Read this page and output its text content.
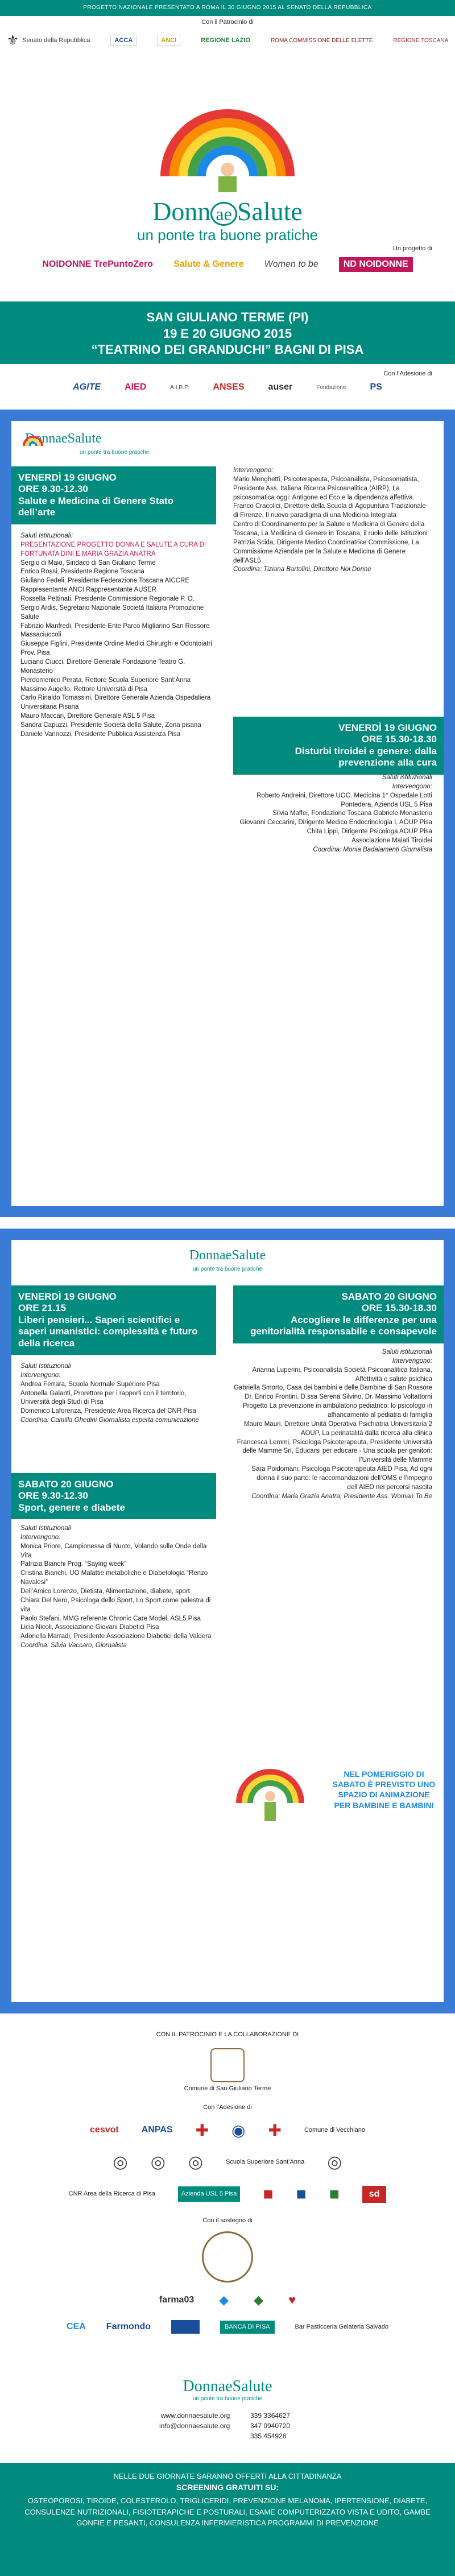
PROGETTO NAZIONALE PRESENTATO A ROMA IL 30 GIUGNO 2015 AL SENATO DELLA REPUBBLICA
Con il Patrocinio di
⚜ Senato della Repubblica	ACCA	ANCI	REGIONE LAZIO	ROMA COMMISSIONE DELLE ELETTE	REGIONE TOSCANA
Donn ae Salute
un ponte tra buone pratiche
Un progetto di
NOIDONNE TrePuntoZero Salute & Genere Women to be	ND NOIDONNE
SAN GIULIANO TERME (PI)
19 E 20 GIUGNO 2015
“TEATRINO DEI GRANDUCHI” BAGNI DI PISA
Con l’Adesione di
AGITE	AIED	A.I.R.P.	ANSES	auser	Fondazione	PS
DonnaeSalute
un ponte tra buone pratiche
VENERDÌ 19 GIUGNO
ORE 9.30-12.30
Salute e Medicina di Genere Stato dell’arte
Saluti Istituzionali:
PRESENTAZIONE PROGETTO DONNA E SALUTE A CURA DI FORTUNATA DINI E MARIA GRAZIA ANATRA
Sergio di Maio, Sindaco di San Giuliano Terme
Enrico Rossi, Presidente Regione Toscana
Giuliano Fedeli, Presidente Federazione Toscana AICCRE Rappresentante ANCI Rappresentante AUSER
Rossella Pettinati, Presidente Commissione Regionale P. O.
Sergio Ardis, Segretario Nazionale Società Italiana Promozione Salute
Fabrizio Manfredi, Presidente Ente Parco Migliarino San Rossore Massaciuccoli
Giuseppe Figlini, Presidente Ordine Medici Chirurghi e Odontoiatri Prov. Pisa
Luciano Ciucci, Direttore Generale Fondazione Teatro G. Monasterio
Pierdomenico Perata, Rettore Scuola Superiore Sant’Anna
Massimo Augello, Rettore Università di Pisa
Carlo Rinaldo Tomassini, Direttore Generale Azienda Ospedaliera Universitaria Pisana
Mauro Maccari, Direttore Generale ASL 5 Pisa
Sandra Capuzzi, Presidente Società della Salute, Zona pisana
Daniele Vannozzi, Presidente Pubblica Assistenza Pisa
Intervengono:
Mario Menghetti, Psicoterapeuta, Psicoanalista, Psicosomatista, Presidente Ass. Italiana Ricerca Psicoanalitica (AIRP), La psicosomatica oggi: Antigone ed Eco e la dipendenza affettiva
Franco Cracolici, Direttore della Scuola di Agopuntura Tradizionale di Firenze, Il nuovo paradigma di una Medicina Integrata
Centro di Coordinamento per la Salute e Medicina di Genere della Toscana, La Medicina di Genere in Toscana, il ruolo delle Istituzioni
Patrizia Scida, Dirigente Medico Coordinatrice Commissione, La Commissione Aziendale per la Salute e Medicina di Genere dell’ASL5
Coordina: Tiziana Bartolini, Direttore Noi Donne
VENERDÌ 19 GIUGNO
ORE 15.30-18.30
Disturbi tiroidei e genere: dalla prevenzione alla cura
Saluti istituzionali
Intervengono:
Roberto Andreini, Direttore UOC. Medicina 1° Ospedale Lotti Pontedera, Azienda USL 5 Pisa
Silvia Maffei, Fondazione Toscana Gabriele Monasterio
Giovanni Ceccarini, Dirigente Medico Endocrinologia I, AOUP Pisa
Chita Lippi, Dirigente Psicologa AOUP Pisa
Associazione Malati Tiroidei
Coordina: Monia Badalamenti Giornalista
DonnaeSalute
un ponte tra buone pratiche
VENERDÌ 19 GIUGNO
ORE 21.15
Liberi pensieri... Saperi scientifici e saperi umanistici: complessità e futuro della ricerca
Saluti Istituzionali
Intervengono:
Andrea Ferrara, Scuola Normale Superiore Pisa
Antonella Galanti, Prorettore per i rapporti con il territorio, Università degli Studi di Pisa
Domenico Laforenza, Presidente Area Ricerca del CNR Pisa
Coordina: Camilla Ghedini Giornalista esperta comunicazione
SABATO 20 GIUGNO
ORE 9.30-12.30
Sport, genere e diabete
Saluti Istituzionali
Intervengono:
Monica Priore, Campionessa di Nuoto, Volando sulle Onde della Vita
Patrizia Bianchi Prog. “Saying week”
Cristina Bianchi, UO Malattie metaboliche e Diabetologia “Renzo Navalesi”
Dell’Amico Lorenzo, Dietista, Alimentazione, diabete, sport
Chiara Del Nero, Psicologa dello Sport, Lo Sport come palestra di vita
Paolo Stefani, MMG referente Chronic Care Model, ASL5 Pisa
Licia Nicoli, Associazione Giovani Diabetici Pisa
Adonella Marradi, Presidente Associazione Diabetici della Valdera
Coordina: Silvia Vaccaro, Giornalista
SABATO 20 GIUGNO
ORE 15.30-18.30
Accogliere le differenze per una genitorialità responsabile e consapevole
Saluti istituzionali
Intervengono:
Arianna Luperini, Psicoanalista Società Psicoanalitica Italiana, Affettività e salute psichica
Gabriella Smorto, Casa dei bambini e delle Bambine di San Rossore
Dr. Enrico Frontini, D.ssa Serena Silvino, Dr. Massimo Voltattorni
Progetto La prevenzione in ambulatorio pediatrico: lo psicologo in affiancamento al pediatra di famiglia
Mauro Mauri, Direttore Unità Operativa Psichiatria Universitaria 2 AOUP, La perinatalità dalla ricerca alla clinica
Francesca Lemmi, Psicologa Psicoterapeuta, Presidente Università delle Mamme Srl, Educarsi per educare - Una scuola per genitori: l’Università delle Mamme
Sara Poidomani, Psicologa Psicoterapeuta AIED Pisa, Ad ogni donna il suo parto: le raccomandazioni dell’OMS e l’impegno dell’AIED nei percorsi nascita
Coordina: Maria Grazia Anatra, Presidente Ass. Woman To Be
NEL POMERIGGIO DI SABATO È PREVISTO UNO SPAZIO DI ANIMAZIONE PER BAMBINE E BAMBINI
CON IL PATROCINIO E LA COLLABORAZIONE DI
Comune di San Giuliano Terme
Con l’Adesione di
cesvot	ANPAS ✚ ◉ ✚	Comune di Vecchiano
◎ ◎ ◎	Scuola Superiore Sant’Anna ◎
CNR Area della Ricerca di Pisa	Azienda USL 5 Pisa ■ ■ ■	sd
Con il sostegno di
farma03 ◆ ◆ ♥
CEA Farmondo	BANCA DI PISA	Bar Pasticceria Gelateria Salvado
DonnaeSalute
un ponte tra buone pratiche
www.donnaesalute.org
info@donnaesalute.org
339 3364627
347 0940720
335 454928
NELLE DUE GIORNATE SARANNO OFFERTI ALLA CITTADINANZA
SCREENING GRATUITI SU:
OSTEOPOROSI, TIROIDE, COLESTEROLO, TRIGLICERIDI, PREVENZIONE MELANOMA, IPERTENSIONE, DIABETE, CONSULENZE NUTRIZIONALI, FISIOTERAPICHE E POSTURALI, ESAME COMPUTERIZZATO VISTA E UDITO, GAMBE GONFIE E PESANTI, CONSULENZA INFERMIERISTICA PROGRAMMI DI PREVENZIONE
